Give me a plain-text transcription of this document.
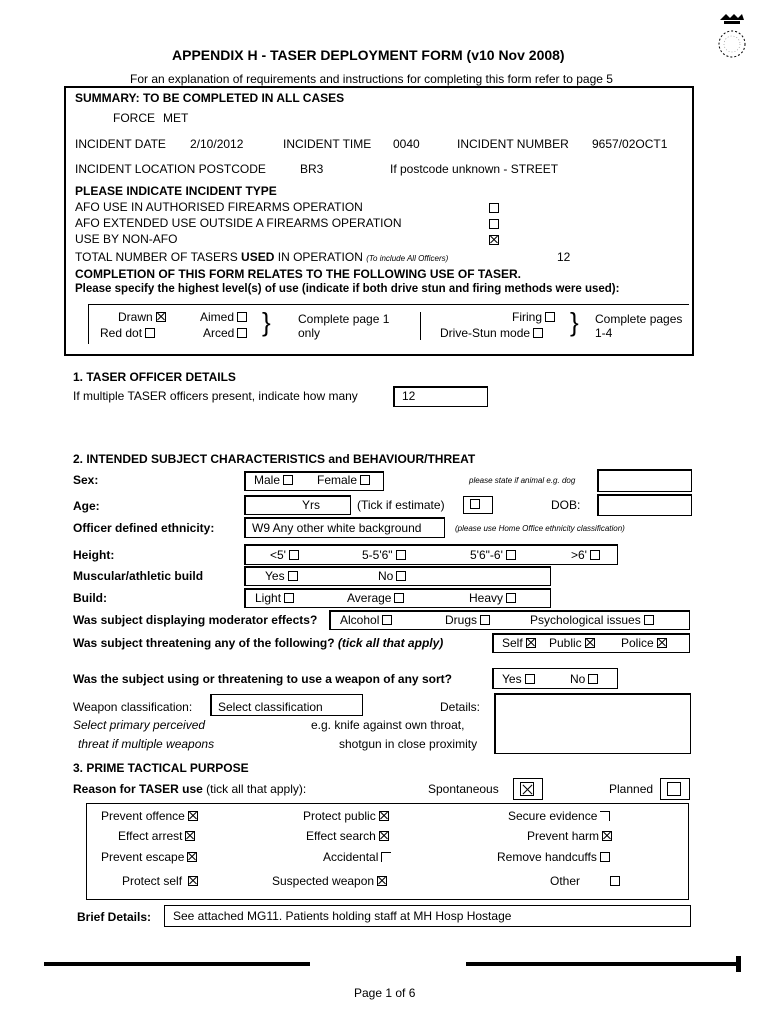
APPENDIX H - TASER DEPLOYMENT FORM (v10 Nov 2008)
For an explanation of requirements and instructions for completing this form refer to page 5
SUMMARY: TO BE COMPLETED IN ALL CASES
FORCE MET
INCIDENT DATE 2/10/2012	INCIDENT TIME 0040	INCIDENT NUMBER 9657/02OCT1
INCIDENT LOCATION POSTCODE	BR3	If postcode unknown - STREET
PLEASE INDICATE INCIDENT TYPE
AFO USE IN AUTHORISED FIREARMS OPERATION
AFO EXTENDED USE OUTSIDE A FIREARMS OPERATION
USE BY NON-AFO
TOTAL NUMBER OF TASERS USED IN OPERATION (To include All Officers)	12
COMPLETION OF THIS FORM RELATES TO THE FOLLOWING USE OF TASER.
Please specify the highest level(s) of use (indicate if both drive stun and firing methods were used):
Drawn	Aimed
Red dot	Arced	} Complete page 1
only
Firing
Drive-Stun mode	} Complete pages
1-4
1. TASER OFFICER DETAILS
If multiple TASER officers present, indicate how many	12
2. INTENDED SUBJECT CHARACTERISTICS and BEHAVIOUR/THREAT
Sex:	Male	Female	please state if animal e.g. dog
Age:	Yrs	(Tick if estimate)	DOB:
Officer defined ethnicity:	W9 Any other white background	(please use Home Office ethnicity classification)
Height:	<5'	5-5'6"	5'6"-6'	>6'
Muscular/athletic build	Yes	No
Build:	Light	Average	Heavy
Was subject displaying moderator effects? Alcohol	Drugs	Psychological issues
Was subject threatening any of the following? (tick all that apply)	Self	Public	Police
Was the subject using or threatening to use a weapon of any sort?	Yes	No
Weapon classification: Select classification	Details:
Select primary perceived
threat if multiple weapons
e.g. knife against own throat,
shotgun in close proximity
3. PRIME TACTICAL PURPOSE
Reason for TASER use (tick all that apply):	Spontaneous	Planned
Prevent offence	Protect public	Secure evidence
Effect arrest	Effect search	Prevent harm
Prevent escape	Accidental	Remove handcuffs
Protect self	Suspected weapon	Other
Brief Details: See attached MG11. Patients holding staff at MH Hosp Hostage
Page 1 of 6
